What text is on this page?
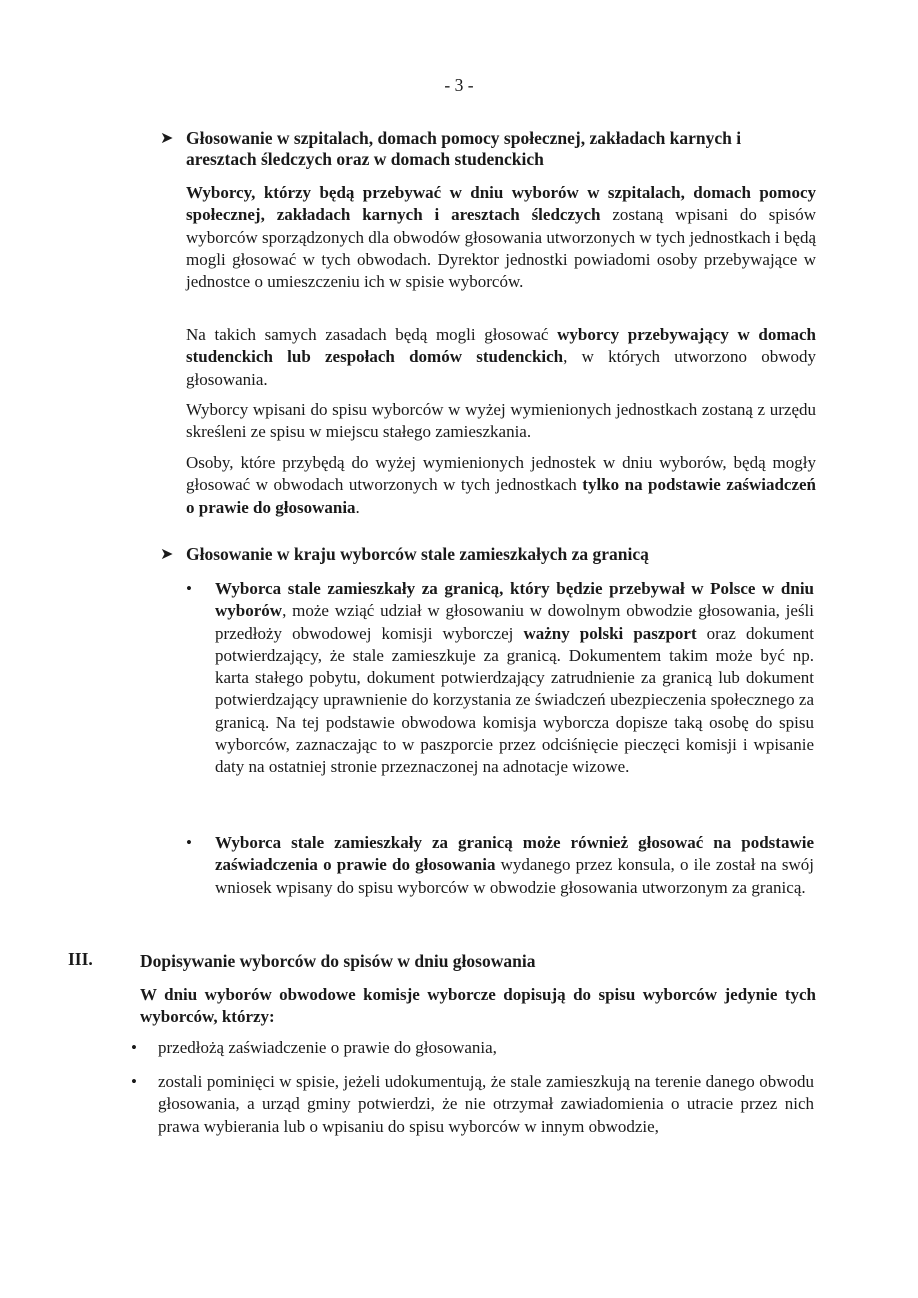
- 3 -
➤ Głosowanie w szpitalach, domach pomocy społecznej, zakładach karnych i aresztach śledczych oraz w domach studenckich

Wyborcy, którzy będą przebywać w dniu wyborów w szpitalach, domach pomocy społecznej, zakładach karnych i aresztach śledczych zostaną wpisani do spisów wyborców sporządzonych dla obwodów głosowania utworzonych w tych jednostkach i będą mogli głosować w tych obwodach. Dyrektor jednostki powiadomi osoby przebywające w jednostce o umieszczeniu ich w spisie wyborców.

Na takich samych zasadach będą mogli głosować wyborcy przebywający w domach studenckich lub zespołach domów studenckich, w których utworzono obwody głosowania.

Wyborcy wpisani do spisu wyborców w wyżej wymienionych jednostkach zostaną z urzędu skreśleni ze spisu w miejscu stałego zamieszkania.

Osoby, które przybędą do wyżej wymienionych jednostek w dniu wyborów, będą mogły głosować w obwodach utworzonych w tych jednostkach tylko na podstawie zaświadczeń o prawie do głosowania.

➤ Głosowanie w kraju wyborców stale zamieszkałych za granicą
• Wyborca stale zamieszkały za granicą, który będzie przebywał w Polsce w dniu wyborów, może wziąć udział w głosowaniu w dowolnym obwodzie głosowania, jeśli przedłoży obwodowej komisji wyborczej ważny polski paszport oraz dokument potwierdzający, że stale zamieszkuje za granicą. Dokumentem takim może być np. karta stałego pobytu, dokument potwierdzający zatrudnienie za granicą lub dokument potwierdzający uprawnienie do korzystania ze świadczeń ubezpieczenia społecznego za granicą. Na tej podstawie obwodowa komisja wyborcza dopisze taką osobę do spisu wyborców, zaznaczając to w paszporcie przez odciśnięcie pieczęci komisji i wpisanie daty na ostatniej stronie przeznaczonej na adnotacje wizowe.

• Wyborca stale zamieszkały za granicą może również głosować na podstawie zaświadczenia o prawie do głosowania wydanego przez konsula, o ile został na swój wniosek wpisany do spisu wyborców w obwodzie głosowania utworzonym za granicą.

III.	Dopisywanie wyborców do spisów w dniu głosowania

W dniu wyborów obwodowe komisje wyborcze dopisują do spisu wyborców jedynie tych wyborców, którzy:

• przedłożą zaświadczenie o prawie do głosowania,

• zostali pominięci w spisie, jeżeli udokumentują, że stale zamieszkują na terenie danego obwodu głosowania, a urząd gminy potwierdzi, że nie otrzymał zawiadomienia o utracie przez nich prawa wybierania lub o wpisaniu do spisu wyborców w innym obwodzie,
